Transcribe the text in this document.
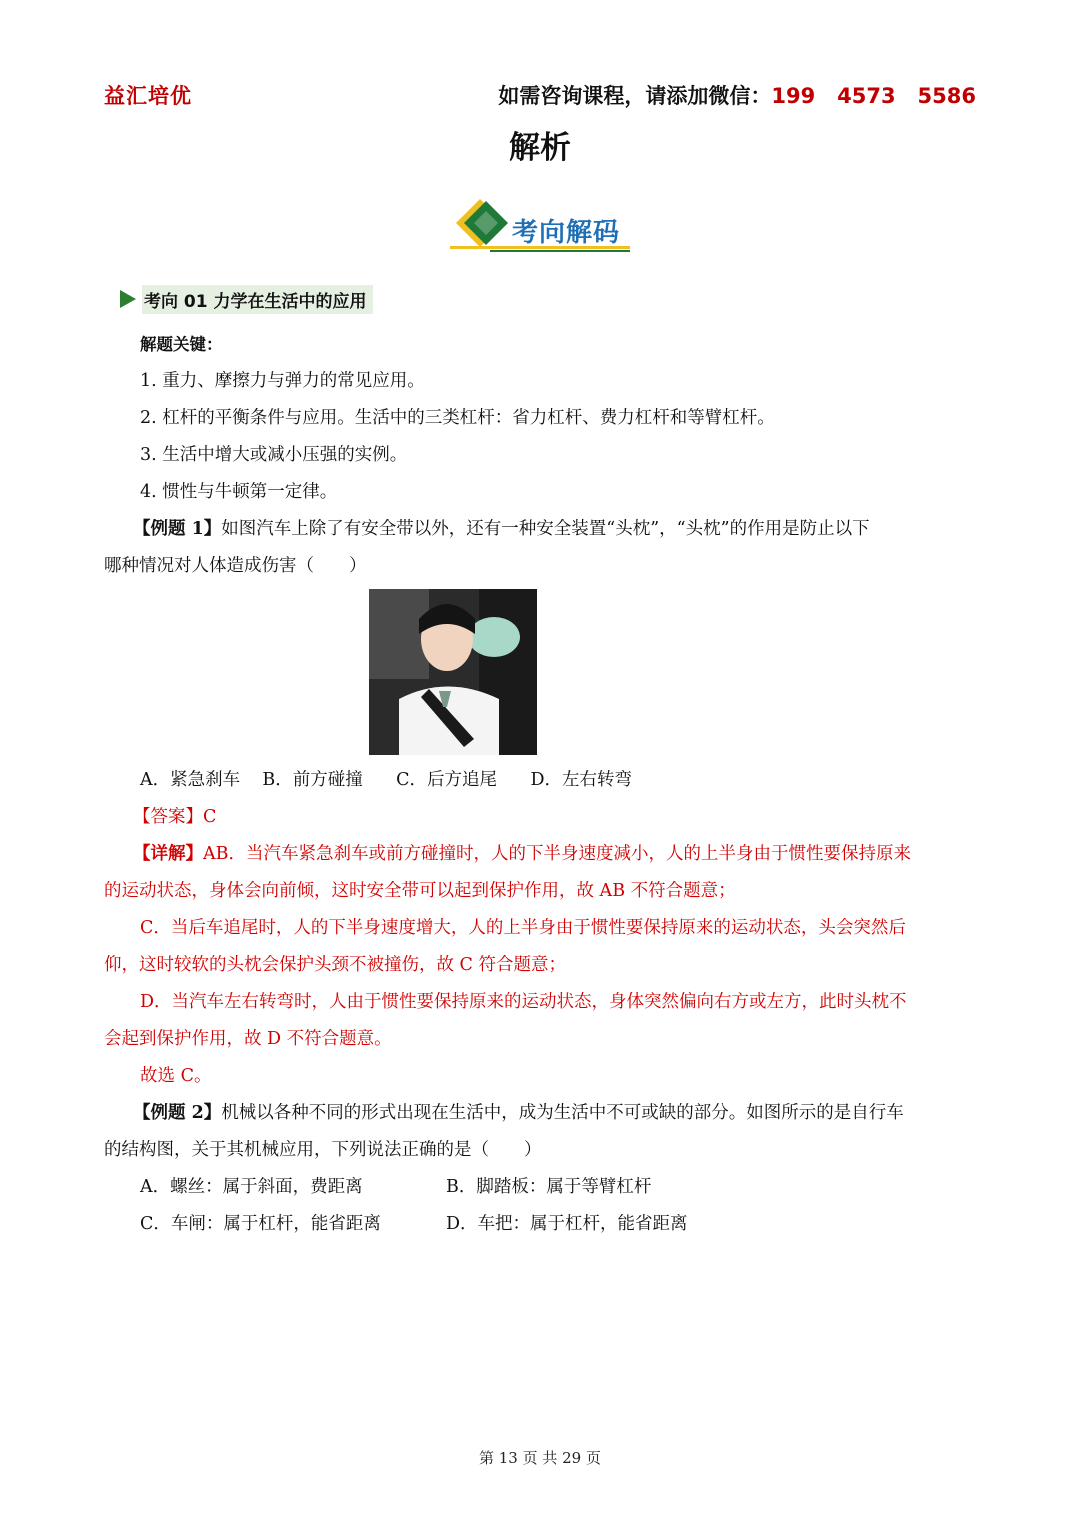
益汇培优	如需咨询课程，请添加微信：199   4573   5586
解析
考向解码
考向 01 力学在生活中的应用
解题关键：
1. 重力、摩擦力与弹力的常见应用。
2. 杠杆的平衡条件与应用。生活中的三类杠杆：省力杠杆、费力杠杆和等臂杠杆。
3. 生活中增大或减小压强的实例。
4. 惯性与牛顿第一定律。
【例题 1】如图汽车上除了有安全带以外，还有一种安全装置“头枕”，“头枕”的作用是防止以下
哪种情况对人体造成伤害（　　）
A．紧急刹车 B．前方碰撞 C．后方追尾 D．左右转弯
【答案】C
【详解】AB．当汽车紧急刹车或前方碰撞时，人的下半身速度减小，人的上半身由于惯性要保持原来
的运动状态，身体会向前倾，这时安全带可以起到保护作用，故 AB 不符合题意；
C．当后车追尾时，人的下半身速度增大，人的上半身由于惯性要保持原来的运动状态，头会突然后
仰，这时较软的头枕会保护头颈不被撞伤，故 C 符合题意；
D．当汽车左右转弯时，人由于惯性要保持原来的运动状态，身体突然偏向右方或左方，此时头枕不
会起到保护作用，故 D 不符合题意。
故选 C。
【例题 2】机械以各种不同的形式出现在生活中，成为生活中不可或缺的部分。如图所示的是自行车
的结构图，关于其机械应用，下列说法正确的是（　　）
A．螺丝：属于斜面，费距离	B．脚踏板：属于等臂杠杆
C．车闸：属于杠杆，能省距离	D．车把：属于杠杆，能省距离
第 13 页 共 29 页
